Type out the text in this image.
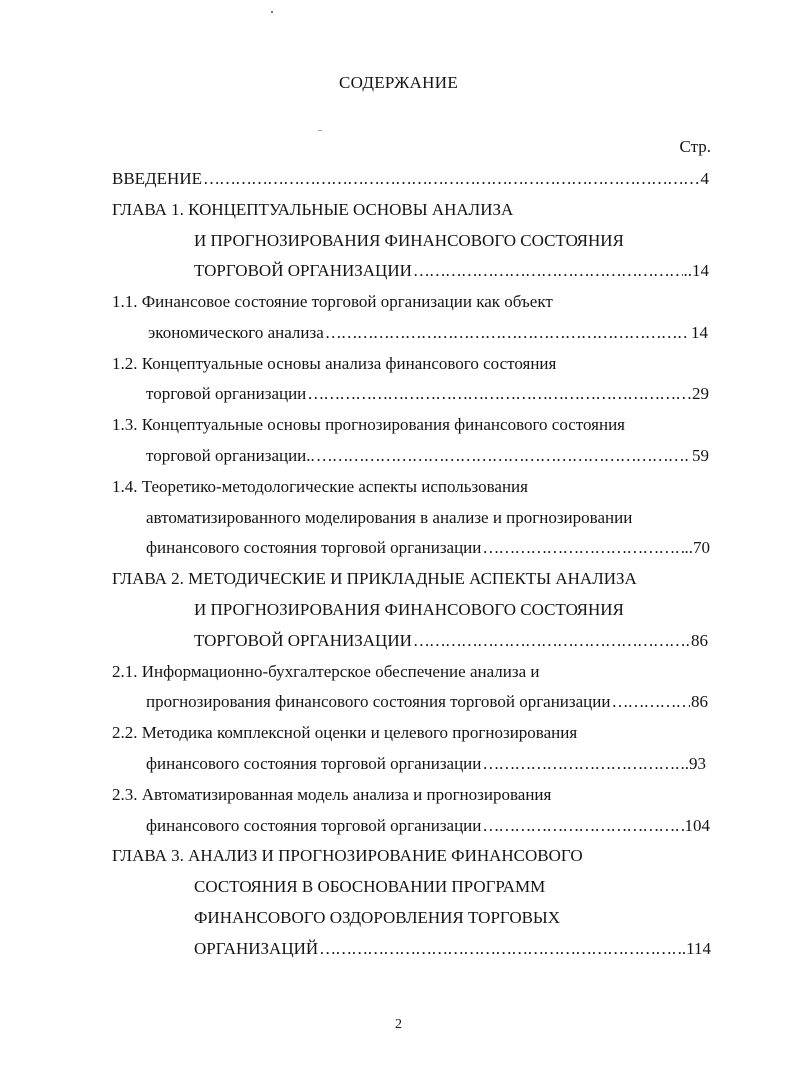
СОДЕРЖАНИЕ
Стр.
ВВЕДЕНИЕ ……………………………………………………………………………………………………………………………………………………………………………………	4
ГЛАВА 1. КОНЦЕПТУАЛЬНЫЕ ОСНОВЫ АНАЛИЗА
И ПРОГНОЗИРОВАНИЯ ФИНАНСОВОГО СОСТОЯНИЯ
ТОРГОВОЙ ОРГАНИЗАЦИИ ……………………………………………………………………………………………………………………………………………………………………………………	..14
1.1. Финансовое состояние торговой организации как объект
экономического анализа ……………………………………………………………………………………………………………………………………………………………………………………	14
1.2. Концептуальные основы анализа финансового состояния
торговой организации ……………………………………………………………………………………………………………………………………………………………………………………	29
1.3. Концептуальные основы прогнозирования финансового состояния
торговой организации.. ……………………………………………………………………………………………………………………………………………………………………………………	59
1.4. Теоретико-методологические аспекты использования
автоматизированного моделирования в анализе и прогнозировании
финансового состояния торговой организации ……………………………………………………………………………………………………………………………………………………………………………………	..70
ГЛАВА 2. МЕТОДИЧЕСКИЕ И ПРИКЛАДНЫЕ АСПЕКТЫ АНАЛИЗА
И ПРОГНОЗИРОВАНИЯ ФИНАНСОВОГО СОСТОЯНИЯ
ТОРГОВОЙ ОРГАНИЗАЦИИ ……………………………………………………………………………………………………………………………………………………………………………………	86
2.1. Информационно-бухгалтерское обеспечение анализа и
прогнозирования финансового состояния торговой организации ……………………………………………………………………………………………………………………………………………………………………………………	86
2.2. Методика комплексной оценки и целевого прогнозирования
финансового состояния торговой организации ……………………………………………………………………………………………………………………………………………………………………………………	..93
2.3. Автоматизированная модель анализа и прогнозирования
финансового состояния торговой организации ……………………………………………………………………………………………………………………………………………………………………………………	104
ГЛАВА 3. АНАЛИЗ И ПРОГНОЗИРОВАНИЕ ФИНАНСОВОГО
СОСТОЯНИЯ В ОБОСНОВАНИИ ПРОГРАММ
ФИНАНСОВОГО ОЗДОРОВЛЕНИЯ ТОРГОВЫХ
ОРГАНИЗАЦИЙ ……………………………………………………………………………………………………………………………………………………………………………………	..114
2
